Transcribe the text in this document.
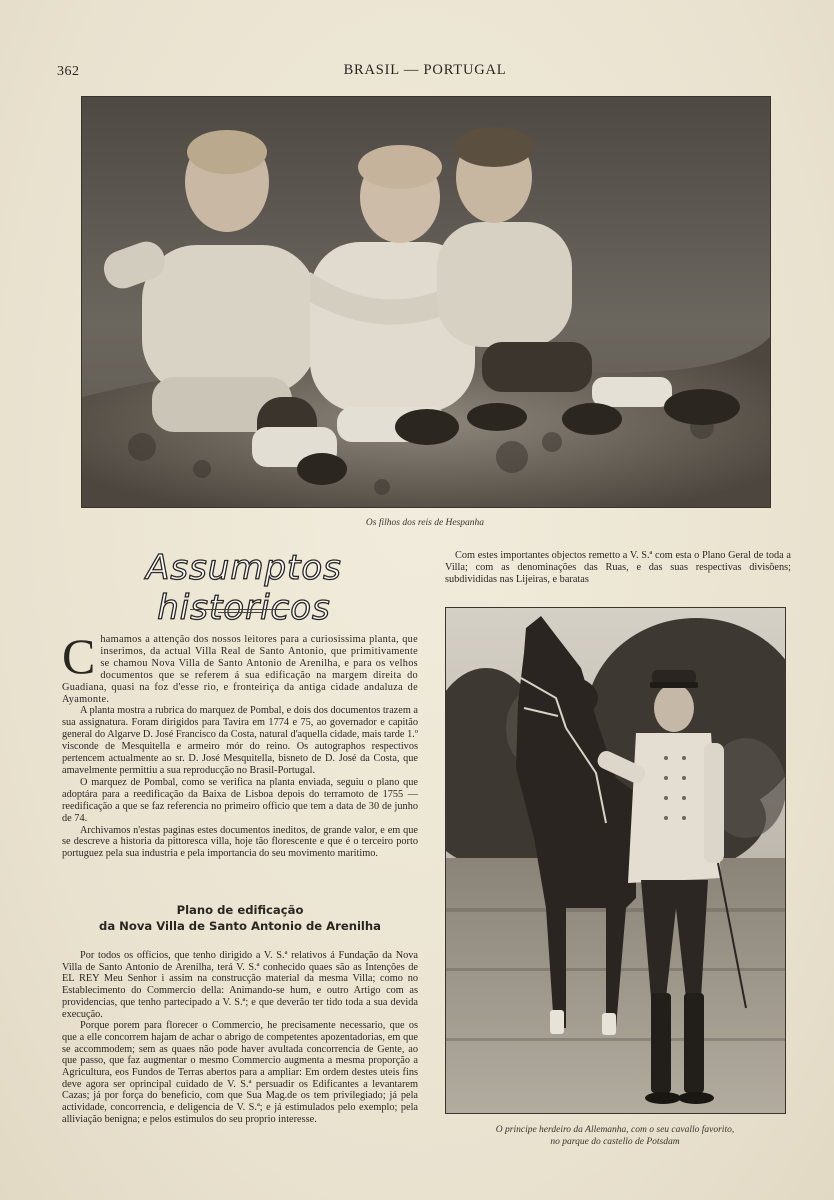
362	BRASIL — PORTUGAL
Os filhos dos reis de Hespanha
Assumptos historicos

Chamamos a attenção dos nossos leitores para a curiosissima planta, que inserimos, da actual Villa Real de Santo Antonio, que primitivamente se chamou Nova Villa de Santo Antonio de Arenilha, e para os velhos documentos que se referem á sua edificação na margem direita do Guadiana, quasi na foz d'esse rio, e fronteiriça da antiga cidade andaluza de Ayamonte.

A planta mostra a rubrica do marquez de Pombal, e dois dos documentos trazem a sua assignatura. Foram dirigidos para Tavira em 1774 e 75, ao governador e capitão general do Algarve D. José Francisco da Costa, natural d'aquella cidade, mais tarde 1.º visconde de Mesquitella e armeiro mór do reino. Os autographos respectivos pertencem actualmente ao sr. D. José Mesquitella, bisneto de D. José da Costa, que amavelmente permittiu a sua reproducção no Brasil-Portugal.

O marquez de Pombal, como se verifica na planta enviada, seguiu o plano que adoptára para a reedificação da Baixa de Lisboa depois do terramoto de 1755 — reedificação a que se faz referencia no primeiro officio que tem a data de 30 de junho de 74.

Archivamos n'estas paginas estes documentos ineditos, de grande valor, e em que se descreve a historia da pittoresca villa, hoje tão florescente e que é o terceiro porto portuguez pela sua industria e pela importancia do seu movimento maritimo.

Plano de edificação
da Nova Villa de Santo Antonio de Arenilha

Por todos os officios, que tenho dirigido a V. S.ª relativos á Fundação da Nova Villa de Santo Antonio de Arenilha, terá V. S.ª conhecido quaes são as Intenções de EL REY Meu Senhor i assim na construcção material da mesma Villa; como no Establecimento do Commercio della: Animando-se hum, e outro Artigo com as providencias, que tenho partecipado a V. S.ª; e que deverão ter tido toda a sua devida execução.

Porque porem para florecer o Commercio, he precisamente necessario, que os que a elle concorrem hajam de achar o abrigo de competentes apozentadorias, em que se accommodem; sem as quaes não pode haver avultada concorrencia de Gente, ao que passo, que faz augmentar o mesmo Commercio augmenta a mesma proporção a Agricultura, eos Fundos de Terras abertos para a ampliar: Em ordem destes uteis fins deve agora ser oprincipal cuidado de V. S.ª persuadir os Edificantes a levantarem Cazas; já por força do beneficio, com que Sua Mag.de os tem privilegiado; já pela actividade, concorrencia, e deligencia de V. S.ª; e já estimulados pelo exemplo; pela alliviação benigna; e pelos estimulos do seu proprio interesse.

Com estes importantes objectos remetto a V. S.ª com esta o Plano Geral de toda a Villa; com as denominações das Ruas, e das suas respectivas divisõens; subdivididas nas Lijeiras, e baratas

O principe herdeiro da Allemanha, com o seu cavallo favorito,
no parque do castello de Potsdam
